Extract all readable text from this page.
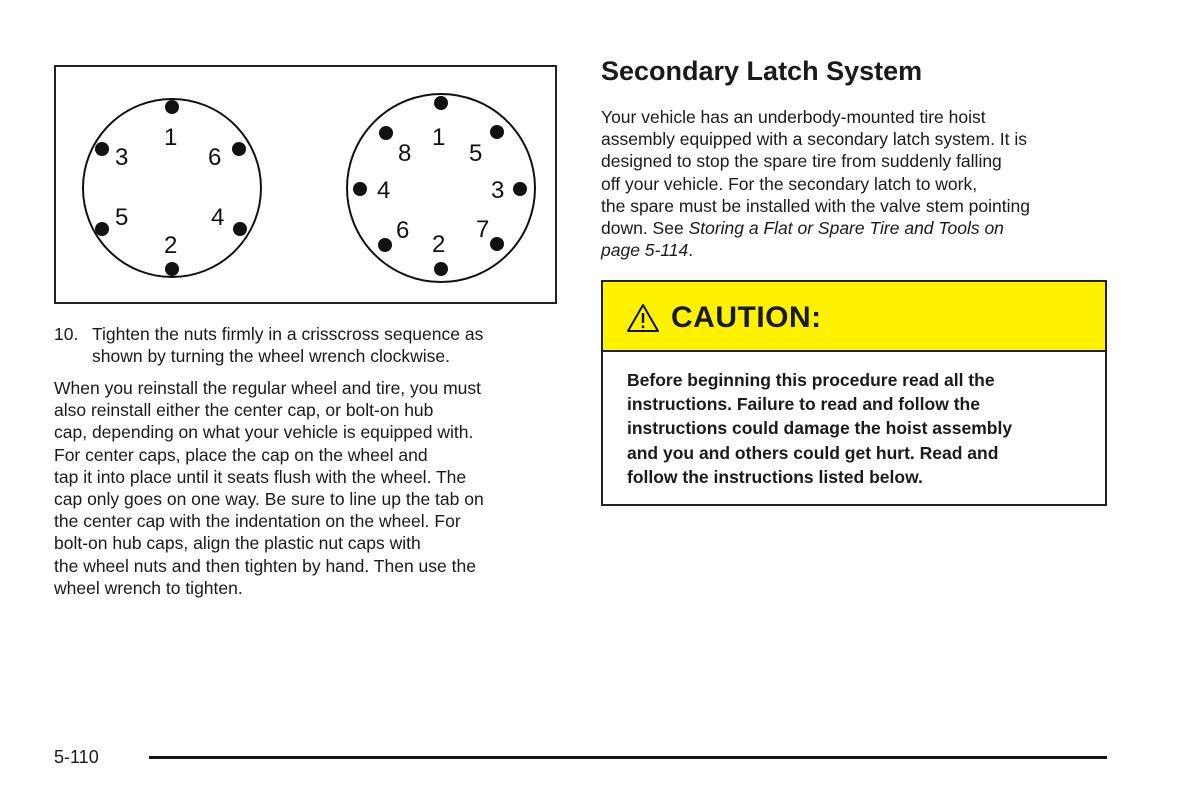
1
2
3
4
5
6
1
2
3
4
5
6	7
8
10. Tighten the nuts firmly in a crisscross sequence as
shown by turning the wheel wrench clockwise.
When you reinstall the regular wheel and tire, you must
also reinstall either the center cap, or bolt-on hub
cap, depending on what your vehicle is equipped with.
For center caps, place the cap on the wheel and
tap it into place until it seats flush with the wheel. The
cap only goes on one way. Be sure to line up the tab on
the center cap with the indentation on the wheel. For
bolt-on hub caps, align the plastic nut caps with
the wheel nuts and then tighten by hand. Then use the
wheel wrench to tighten.
Secondary Latch System
Your vehicle has an underbody-mounted tire hoist
assembly equipped with a secondary latch system. It is
designed to stop the spare tire from suddenly falling
off your vehicle. For the secondary latch to work,
the spare must be installed with the valve stem pointing
down. See Storing a Flat or Spare Tire and Tools on
page 5-114.
CAUTION:
Before beginning this procedure read all the
instructions. Failure to read and follow the
instructions could damage the hoist assembly
and you and others could get hurt. Read and
follow the instructions listed below.
5-110
